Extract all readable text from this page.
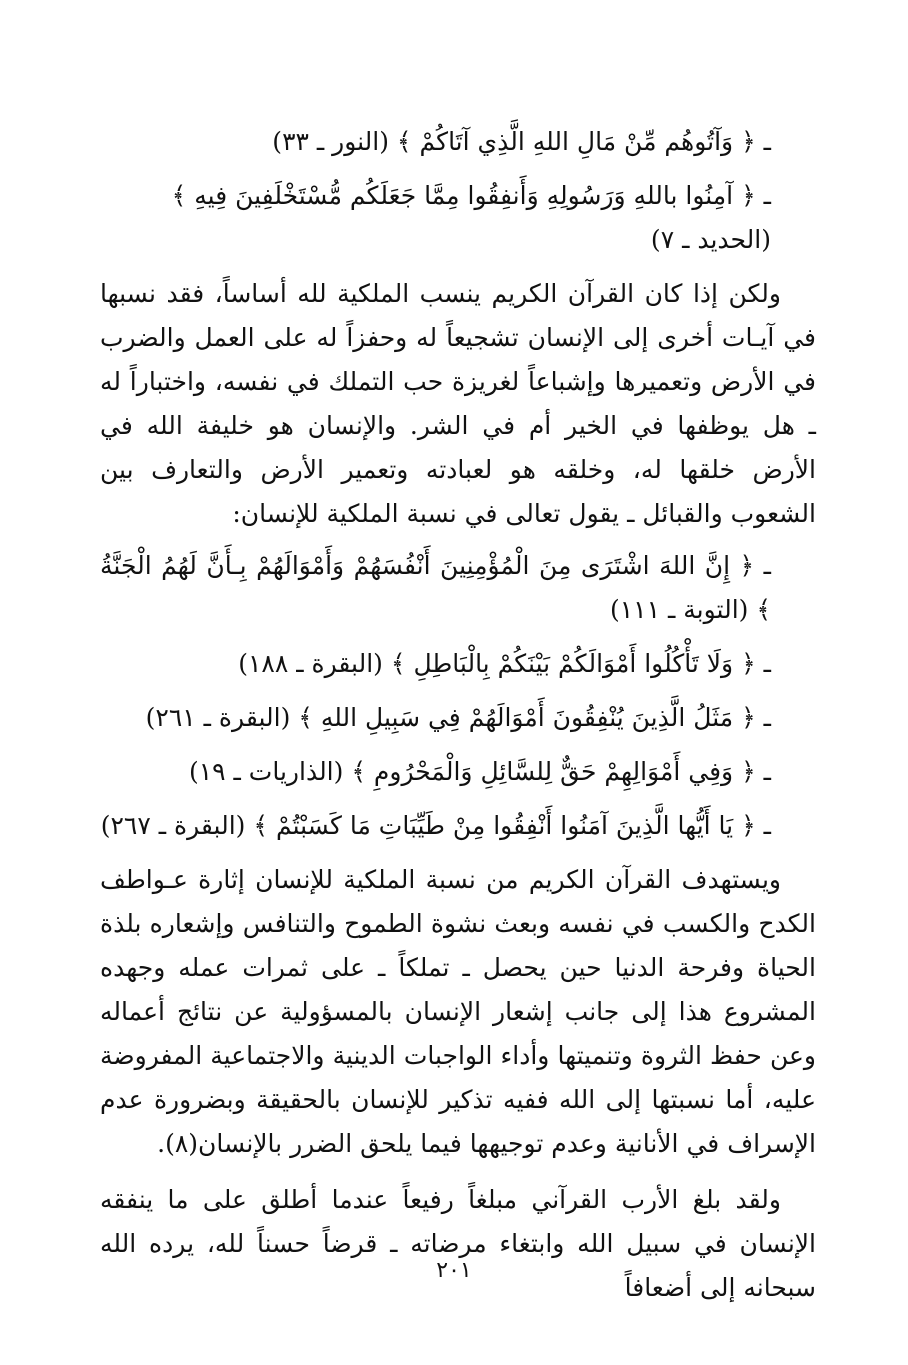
ـ ﴿ وَآتُوهُم مِّنْ مَالِ اللهِ الَّذِي آتَاكُمْ ﴾ (النور ـ ٣٣)

ـ ﴿ آمِنُوا باللهِ وَرَسُولِهِ وَأَنفِقُوا مِمَّا جَعَلَكُم مُّسْتَخْلَفِينَ فِيهِ ﴾(الحديد ـ ٧)

ولكن إذا كان القرآن الكريم ينسب الملكية لله أساساً، فقد نسبها في آيـات أخرى إلى الإنسان تشجيعاً له وحفزاً له على العمل والضرب في الأرض وتعميرها وإشباعاً لغريزة حب التملك في نفسه، واختباراً له ـ هل يوظفها في الخير أم في الشر. والإنسان هو خليفة الله في الأرض خلقها له، وخلقه هو لعبادته وتعمير الأرض والتعارف بين الشعوب والقبائل ـ يقول تعالى في نسبة الملكية للإنسان:

ـ ﴿ إِنَّ اللهَ اشْتَرَى مِنَ الْمُؤْمِنِينَ أَنْفُسَهُمْ وَأَمْوَالَهُمْ بِـأَنَّ لَهُمُ الْجَنَّةُ ﴾ (التوبة ـ ١١١)

ـ ﴿ وَلَا تَأْكُلُوا أَمْوَالَكُمْ بَيْنَكُمْ بِالْبَاطِلِ ﴾ (البقرة ـ ١٨٨)

ـ ﴿ مَثَلُ الَّذِينَ يُنْفِقُونَ أَمْوَالَهُمْ فِي سَبِيلِ اللهِ ﴾ (البقرة ـ ٢٦١)

ـ ﴿ وَفِي أَمْوَالِهِمْ حَقٌّ لِلسَّائِلِ وَالْمَحْرُومِ ﴾ (الذاريات ـ ١٩)

ـ ﴿ يَا أَيُّها الَّذِينَ آمَنُوا أَنْفِقُوا مِنْ طَيِّبَاتِ مَا كَسَبْتُمْ ﴾ (البقرة ـ ٢٦٧)

ويستهدف القرآن الكريم من نسبة الملكية للإنسان إثارة عـواطف الكدح والكسب في نفسه وبعث نشوة الطموح والتنافس وإشعاره بلذة الحياة وفرحة الدنيا حين يحصل ـ تملكاً ـ على ثمرات عمله وجهده المشروع هذا إلى جانب إشعار الإنسان بالمسؤولية عن نتائج أعماله وعن حفظ الثروة وتنميتها وأداء الواجبات الدينية والاجتماعية المفروضة عليه، أما نسبتها إلى الله ففيه تذكير للإنسان بالحقيقة وبضرورة عدم الإسراف في الأنانية وعدم توجيهها فيما يلحق الضرر بالإنسان(٨).

ولقد بلغ الأرب القرآني مبلغاً رفيعاً عندما أطلق على ما ينفقه الإنسان في سبيل الله وابتغاء مرضاته ـ قرضاً حسناً لله، يرده الله سبحانه إلى أضعافاً

٢٠١
